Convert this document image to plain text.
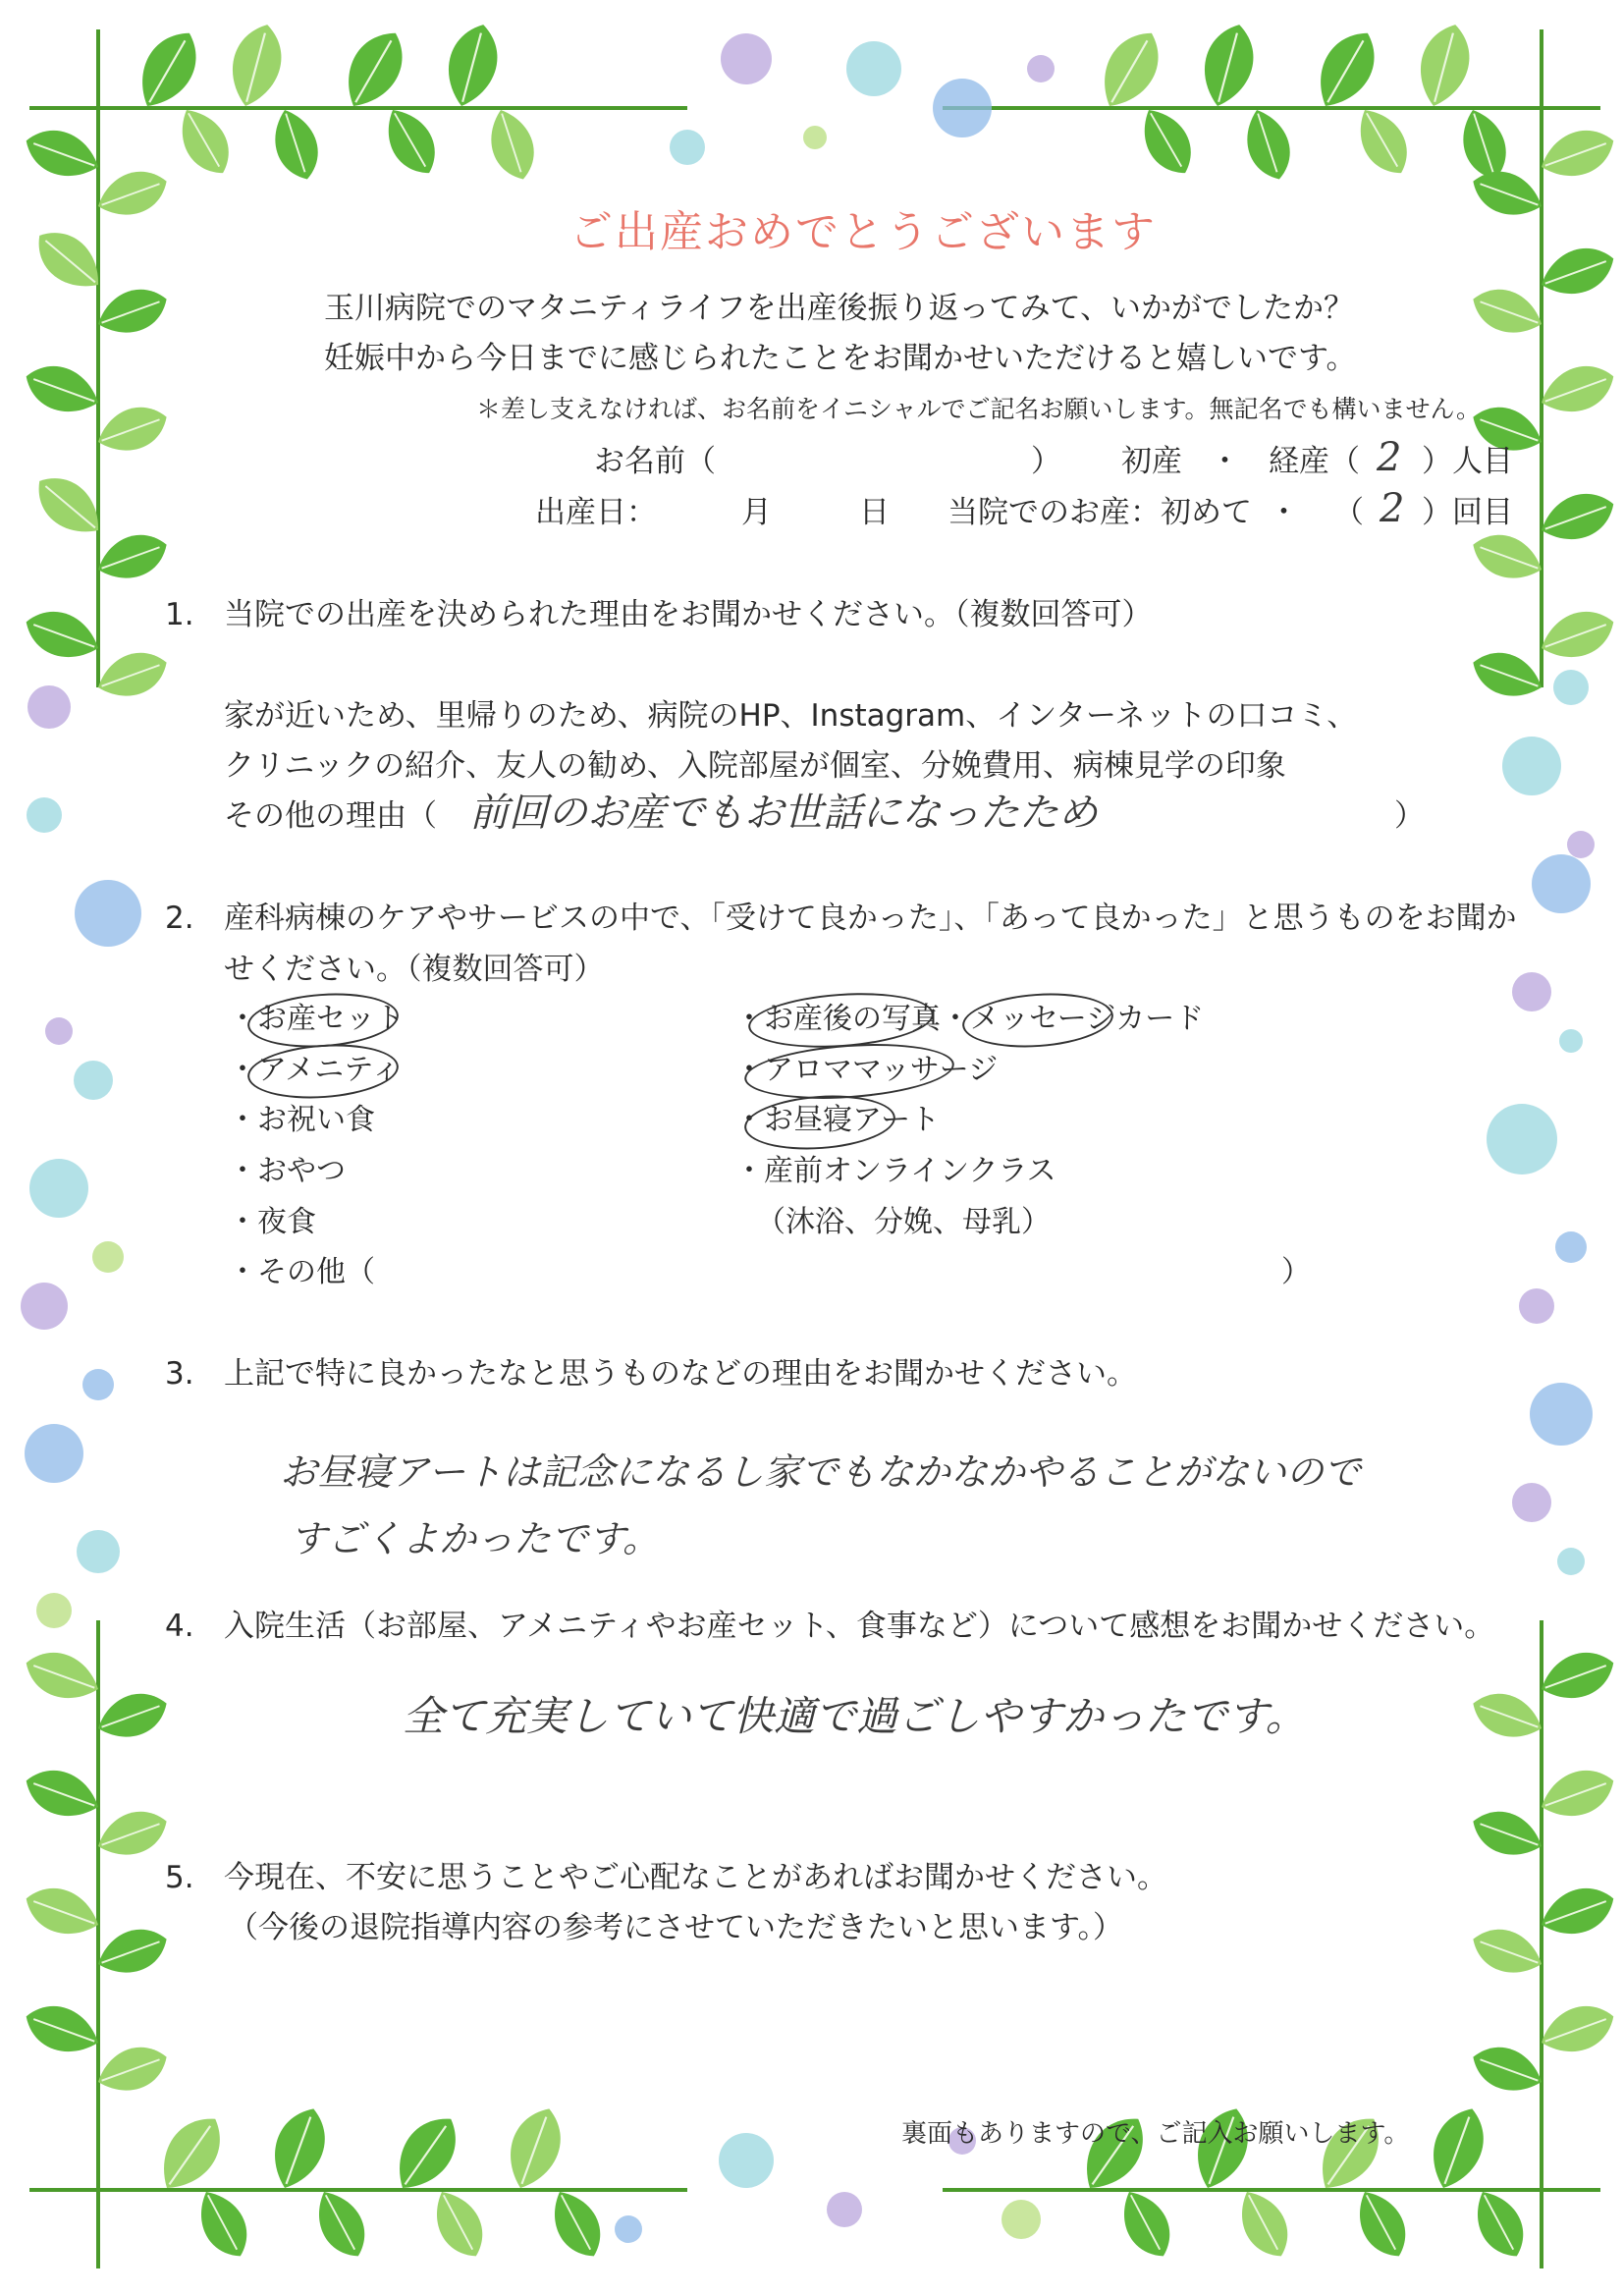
ご出産おめでとうございます
玉川病院でのマタニティライフを出産後振り返ってみて、いかがでしたか？
妊娠中から今日までに感じられたことをお聞かせいただけると嬉しいです。
＊差し支えなければ、お名前をイニシャルでご記名お願いします。無記名でも構いません。
お名前（	） 初産 ・ 経産（ 2 ）人目
出産日：	月	日 当院でのお産：初めて ・ （ 2 ）回目
1. 当院での出産を決められた理由をお聞かせください。（複数回答可）
家が近いため、里帰りのため、病院のHP、Instagram、インターネットの口コミ、
クリニックの紹介、友人の勧め、入院部屋が個室、分娩費用、病棟見学の印象
その他の理由（ 前回のお産でもお世話になったため	）
2. 産科病棟のケアやサービスの中で、「受けて良かった」、「あって良かった」と思うものをお聞か
せください。（複数回答可）
・お産セット
・アメニティ
・お祝い食
・おやつ
・夜食
・その他（	）
・お産後の写真・メッセージカード
・アロママッサージ
・お昼寝アート
・産前オンラインクラス
（沐浴、分娩、母乳）
3. 上記で特に良かったなと思うものなどの理由をお聞かせください。
お昼寝アートは記念になるし家でもなかなかやることがないので
すごくよかったです。
4. 入院生活（お部屋、アメニティやお産セット、食事など）について感想をお聞かせください。
全て充実していて快適で過ごしやすかったです。
5. 今現在、不安に思うことやご心配なことがあればお聞かせください。
（今後の退院指導内容の参考にさせていただきたいと思います。）
裏面もありますので、ご記入お願いします。
